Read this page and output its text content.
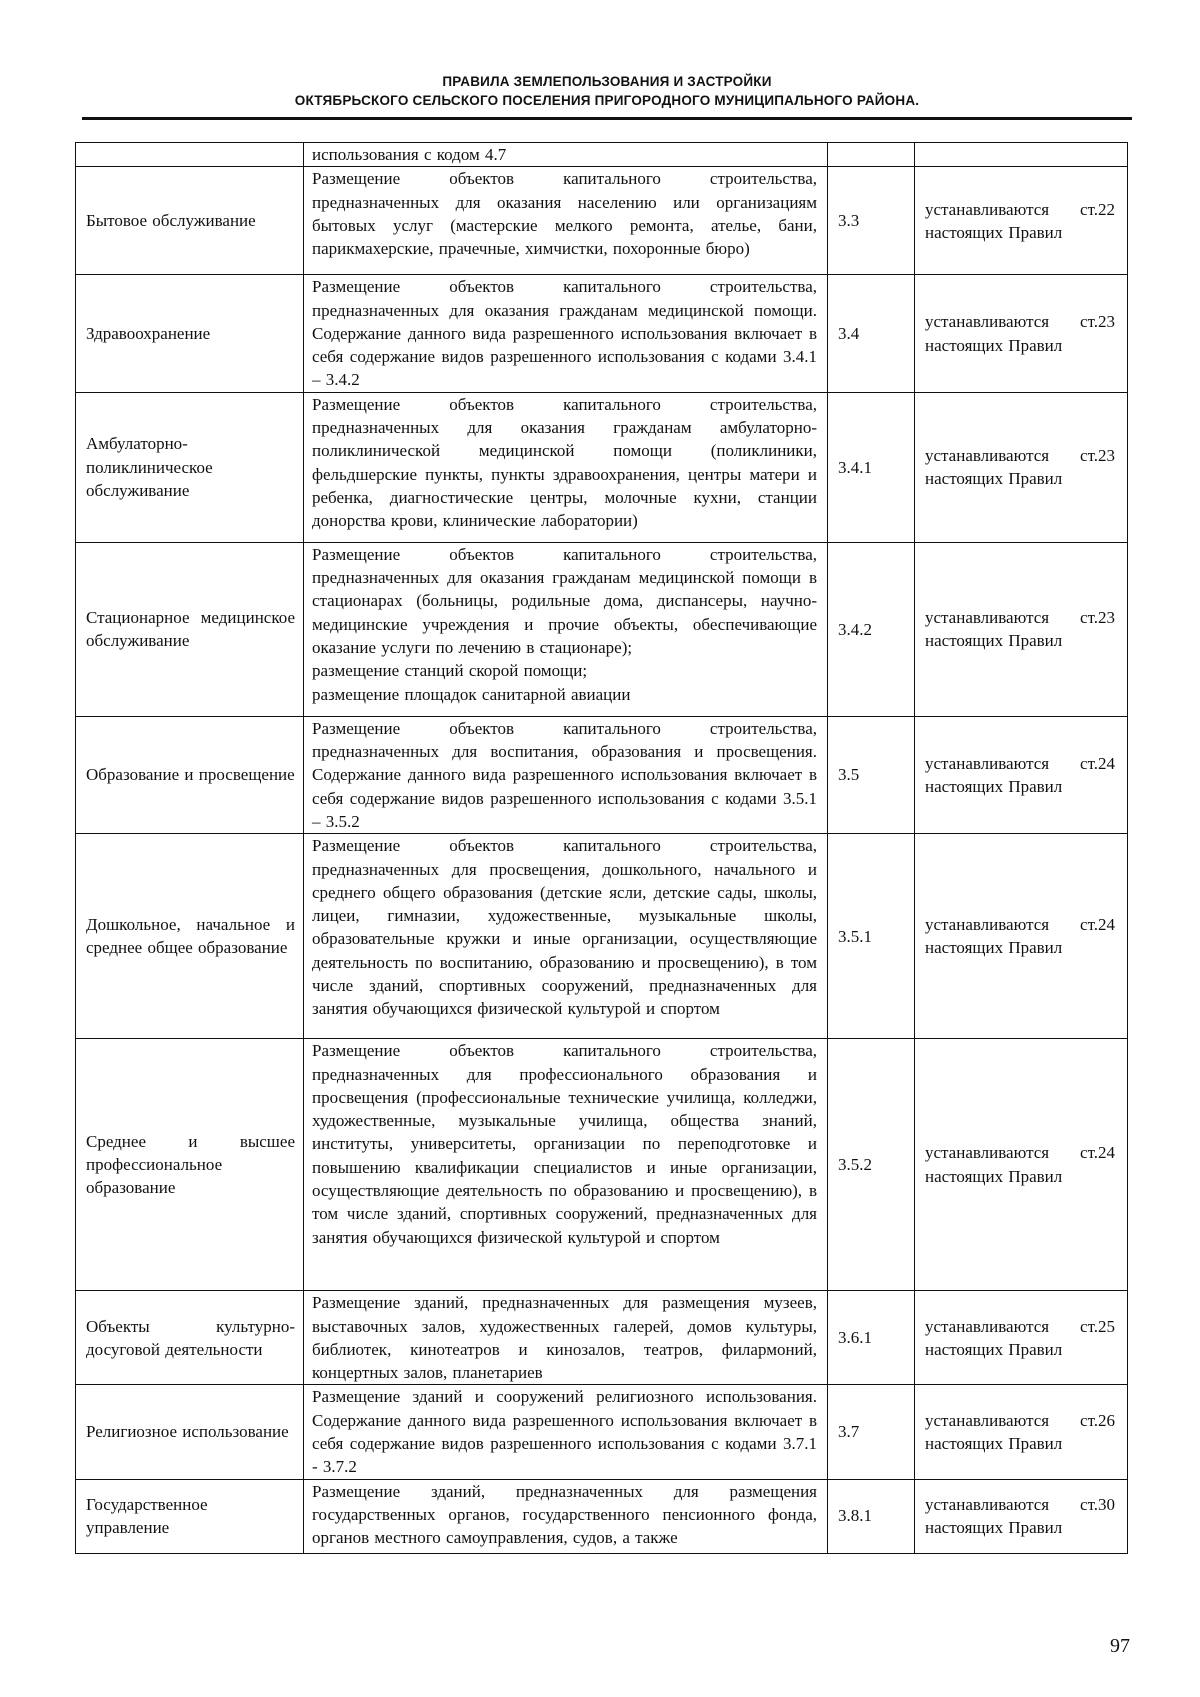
ПРАВИЛА ЗЕМЛЕПОЛЬЗОВАНИЯ И ЗАСТРОЙКИ
ОКТЯБРЬСКОГО СЕЛЬСКОГО ПОСЕЛЕНИЯ ПРИГОРОДНОГО МУНИЦИПАЛЬНОГО РАЙОНА.
	использования с кодом 4.7		
Бытовое обслуживание	Размещение объектов капитального строительства, предназначенных для оказания населению или организациям бытовых услуг (мастерские мелкого ремонта, ателье, бани, парикмахерские, прачечные, химчистки, похоронные бюро)	3.3	устанавливаются ст.22 настоящих Правил
Здравоохранение	Размещение объектов капитального строительства, предназначенных для оказания гражданам медицинской помощи. Содержание данного вида разрешенного использования включает в себя содержание видов разрешенного использования с кодами 3.4.1 – 3.4.2	3.4	устанавливаются ст.23 настоящих Правил
Амбулаторно-поликлиническое обслуживание	Размещение объектов капитального строительства, предназначенных для оказания гражданам амбулаторно-поликлинической медицинской помощи (поликлиники, фельдшерские пункты, пункты здравоохранения, центры матери и ребенка, диагностические центры, молочные кухни, станции донорства крови, клинические лаборатории)	3.4.1	устанавливаются ст.23 настоящих Правил
Стационарное медицинское обслуживание	Размещение объектов капитального строительства, предназначенных для оказания гражданам медицинской помощи в стационарах (больницы, родильные дома, диспансеры, научно-медицинские учреждения и прочие объекты, обеспечивающие оказание услуги по лечению в стационаре);
размещение станций скорой помощи;
размещение площадок санитарной авиации	3.4.2	устанавливаются ст.23 настоящих Правил
Образование и просвещение	Размещение объектов капитального строительства, предназначенных для воспитания, образования и просвещения. Содержание данного вида разрешенного использования включает в себя содержание видов разрешенного использования с кодами 3.5.1 – 3.5.2	3.5	устанавливаются ст.24 настоящих Правил
Дошкольное, начальное и среднее общее образование	Размещение объектов капитального строительства, предназначенных для просвещения, дошкольного, начального и среднего общего образования (детские ясли, детские сады, школы, лицеи, гимназии, художественные, музыкальные школы, образовательные кружки и иные организации, осуществляющие деятельность по воспитанию, образованию и просвещению), в том числе зданий, спортивных сооружений, предназначенных для занятия обучающихся физической культурой и спортом	3.5.1	устанавливаются ст.24 настоящих Правил
Среднее и высшее профессиональное образование	Размещение объектов капитального строительства, предназначенных для профессионального образования и просвещения (профессиональные технические училища, колледжи, художественные, музыкальные училища, общества знаний, институты, университеты, организации по переподготовке и повышению квалификации специалистов и иные организации, осуществляющие деятельность по образованию и просвещению), в том числе зданий, спортивных сооружений, предназначенных для занятия обучающихся физической культурой и спортом	3.5.2	устанавливаются ст.24 настоящих Правил
Объекты культурно-досуговой деятельности	Размещение зданий, предназначенных для размещения музеев, выставочных залов, художественных галерей, домов культуры, библиотек, кинотеатров и кинозалов, театров, филармоний, концертных залов, планетариев	3.6.1	устанавливаются ст.25 настоящих Правил
Религиозное использование	Размещение зданий и сооружений религиозного использования. Содержание данного вида разрешенного использования включает в себя содержание видов разрешенного использования с кодами 3.7.1 - 3.7.2	3.7	устанавливаются ст.26 настоящих Правил
Государственное управление	Размещение зданий, предназначенных для размещения государственных органов, государственного пенсионного фонда, органов местного самоуправления, судов, а также	3.8.1	устанавливаются ст.30 настоящих Правил
97
